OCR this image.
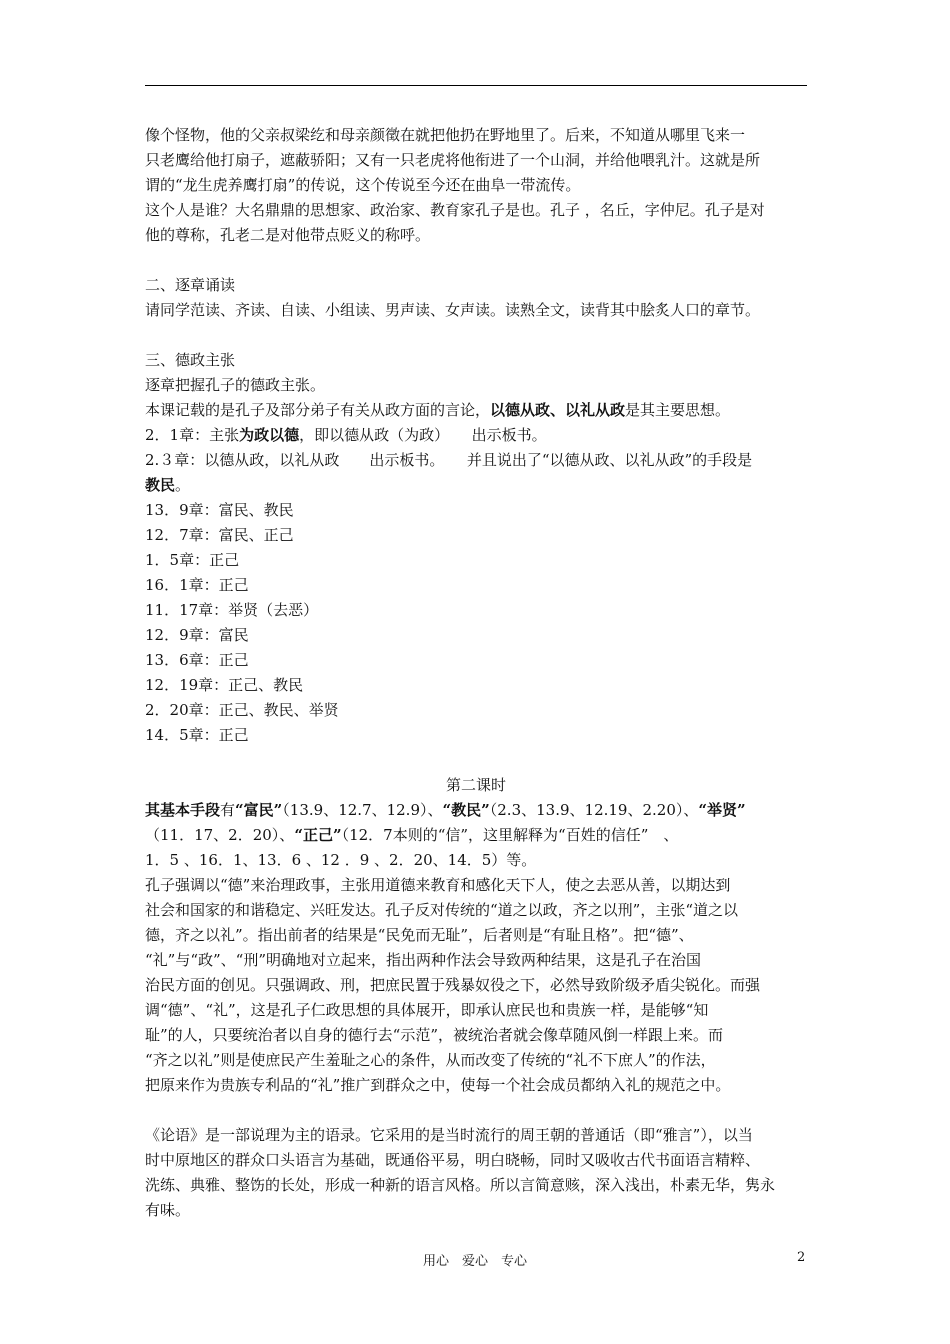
像个怪物，他的父亲叔梁纥和母亲颜徵在就把他扔在野地里了。后来，不知道从哪里飞来一
只老鹰给他打扇子，遮蔽骄阳；又有一只老虎将他衔进了一个山洞，并给他喂乳汁。这就是所
谓的“龙生虎养鹰打扇”的传说，这个传说至今还在曲阜一带流传。

这个人是谁？大名鼎鼎的思想家、政治家、教育家孔子是也。孔子 ，名丘，字仲尼。孔子是对
他的尊称，孔老二是对他带点贬义的称呼。

二、逐章诵读

请同学范读、齐读、自读、小组读、男声读、女声读。读熟全文，读背其中脍炙人口的章节。

三、德政主张

逐章把握孔子的德政主张。

本课记载的是孔子及部分弟子有关从政方面的言论，以德从政、以礼从政是其主要思想。

2．1章：主张为政以德，即以德从政（为政）　　出示板书。

2.３章：以德从政，以礼从政　　出示板书。　　并且说出了“以德从政、以礼从政”的手段是
教民。

13．9章：富民、教民

12．7章：富民、正己

1．5章：正己

16．1章：正己

11．17章：举贤（去恶）

12．9章：富民

13．6章：正己

12．19章：正己、教民

2．20章：正己、教民、举贤

14．5章：正己

第二课时

其基本手段有“富民”（13.9、12.7、12.9）、“教民”（2.3、13.9、12.19、2.20）、“举贤”
（11．17、2．20）、“正己”（12．7本则的“信”，这里解释为“百姓的信任”　、
1．5 、16．1、13．6 、12 ．9 、2．20、14．5）等。

孔子强调以“德”来治理政事，主张用道德来教育和感化天下人，使之去恶从善，以期达到
社会和国家的和谐稳定、兴旺发达。孔子反对传统的“道之以政，齐之以刑”，主张“道之以
德，齐之以礼”。指出前者的结果是“民免而无耻”，后者则是“有耻且格”。把“德”、
“礼”与“政”、“刑”明确地对立起来，指出两种作法会导致两种结果，这是孔子在治国
治民方面的创见。只强调政、刑，把庶民置于残暴奴役之下，必然导致阶级矛盾尖锐化。而强
调“德”、“礼”，这是孔子仁政思想的具体展开，即承认庶民也和贵族一样，是能够“知
耻”的人，只要统治者以自身的德行去“示范”，被统治者就会像草随风倒一样跟上来。而
“齐之以礼”则是使庶民产生羞耻之心的条件，从而改变了传统的“礼不下庶人”的作法，
把原来作为贵族专利品的“礼”推广到群众之中，使每一个社会成员都纳入礼的规范之中。

《论语》是一部说理为主的语录。它采用的是当时流行的周王朝的普通话（即“雅言”），以当
时中原地区的群众口头语言为基础，既通俗平易，明白晓畅，同时又吸收古代书面语言精粹、
洗练、典雅、整饬的长处，形成一种新的语言风格。所以言简意赅，深入浅出，朴素无华，隽永
有味。

用心　爱心　专心	2
